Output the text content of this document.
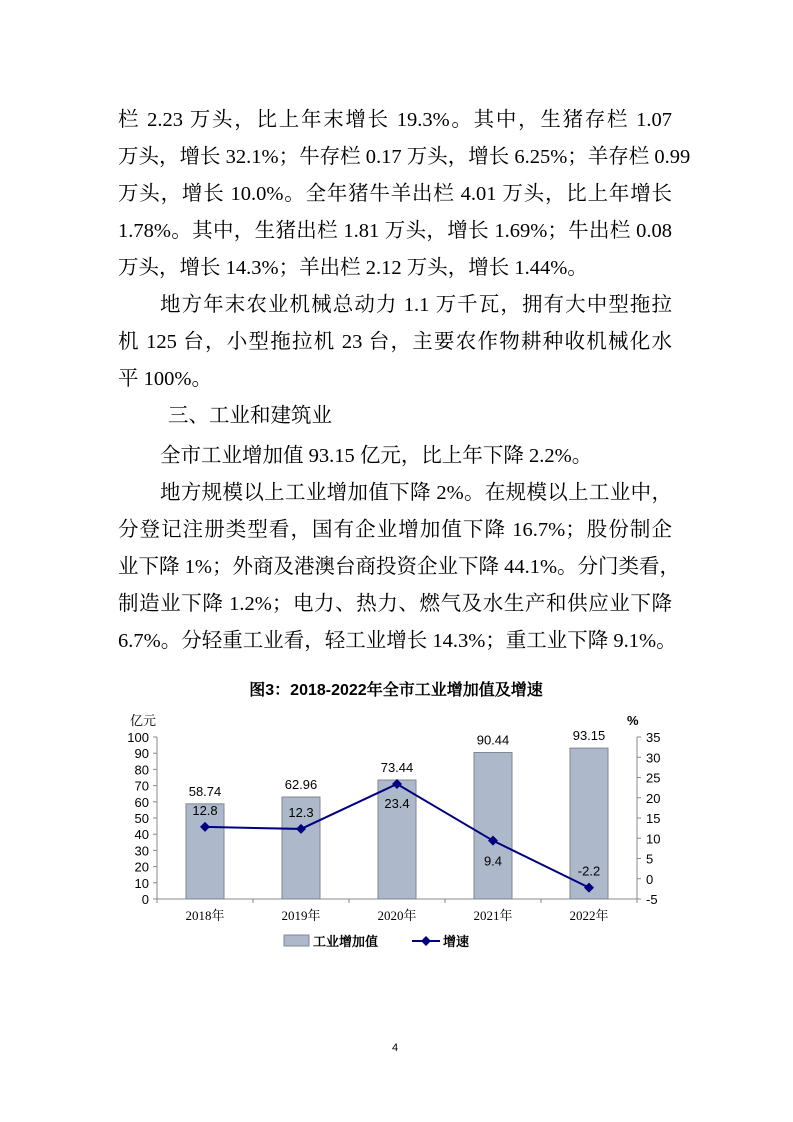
栏 2.23 万头，比上年末增长 19.3%。其中，生猪存栏 1.07
万头，增长 32.1%；牛存栏 0.17 万头，增长 6.25%；羊存栏 0.99
万头，增长 10.0%。全年猪牛羊出栏 4.01 万头，比上年增长
1.78%。其中，生猪出栏 1.81 万头，增长 1.69%；牛出栏 0.08
万头，增长 14.3%；羊出栏 2.12 万头，增长 1.44%。
地方年末农业机械总动力 1.1 万千瓦，拥有大中型拖拉
机 125 台，小型拖拉机 23 台，主要农作物耕种收机械化水
平 100%。
三、工业和建筑业
全市工业增加值 93.15 亿元，比上年下降 2.2%。
地方规模以上工业增加值下降 2%。在规模以上工业中，
分登记注册类型看，国有企业增加值下降 16.7%；股份制企
业下降 1%；外商及港澳台商投资企业下降 44.1%。分门类看，
制造业下降 1.2%；电力、热力、燃气及水生产和供应业下降
6.7%。分轻重工业看，轻工业增长 14.3%；重工业下降 9.1%。
图3：2018-2022年全市工业增加值及增速
亿元	%
0
10
20
30
40
50
60
70
80
90
100
-5
0
5
10
15
20
25
30
35
2018年
58.74
2019年
62.96
2020年
73.44
2021年
90.44
2022年
93.15
12.8	12.3
23.4
9.4
-2.2
工业增加值	增速
4
